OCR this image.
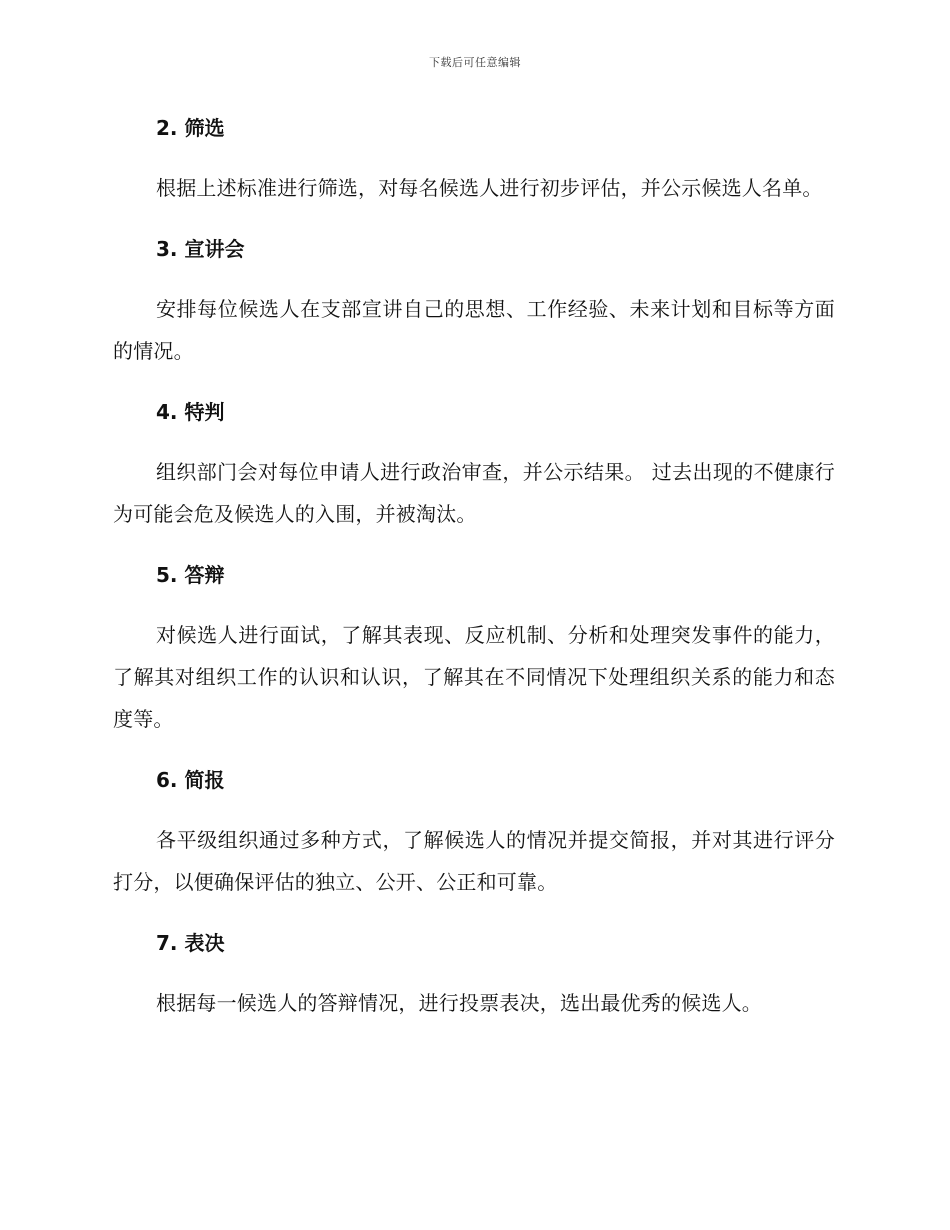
下载后可任意编辑
2. 筛选

根据上述标准进行筛选，对每名候选人进行初步评估，并公示候选人名单。

3. 宣讲会

安排每位候选人在支部宣讲自己的思想、工作经验、未来计划和目标等方面的情况。

4. 特判

组织部门会对每位申请人进行政治审查，并公示结果。 过去出现的不健康行为可能会危及候选人的入围，并被淘汰。

5. 答辩

对候选人进行面试，了解其表现、反应机制、分析和处理突发事件的能力，了解其对组织工作的认识和认识，了解其在不同情况下处理组织关系的能力和态度等。

6. 简报

各平级组织通过多种方式，了解候选人的情况并提交简报，并对其进行评分打分，以便确保评估的独立、公开、公正和可靠。

7. 表决

根据每一候选人的答辩情况，进行投票表决，选出最优秀的候选人。
